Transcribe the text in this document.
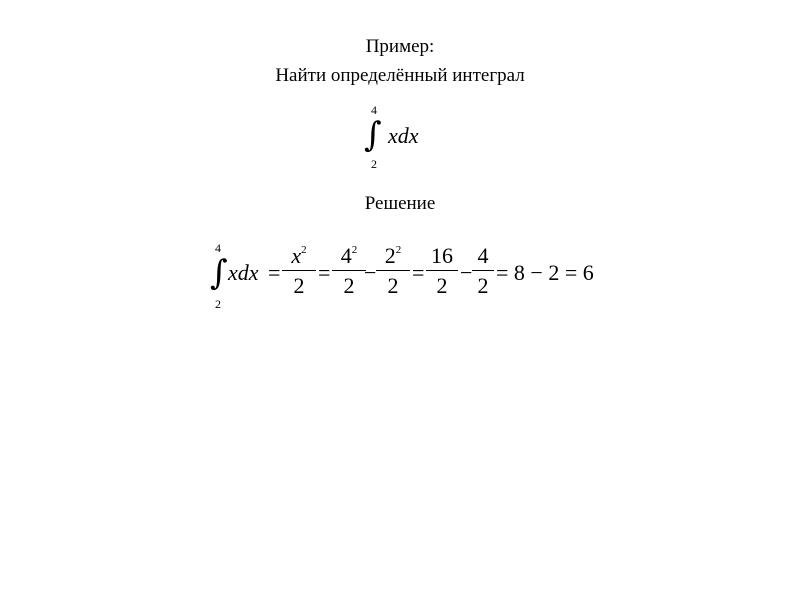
Пример:
Найти определённый интеграл
4
∫
2
xdx
Решение
4
∫
2
xdx =
$x^2$
2
=
$4^2$
2
−
$2^2$
2
=
16
2
−
4
2
= 8 − 2 = 6
